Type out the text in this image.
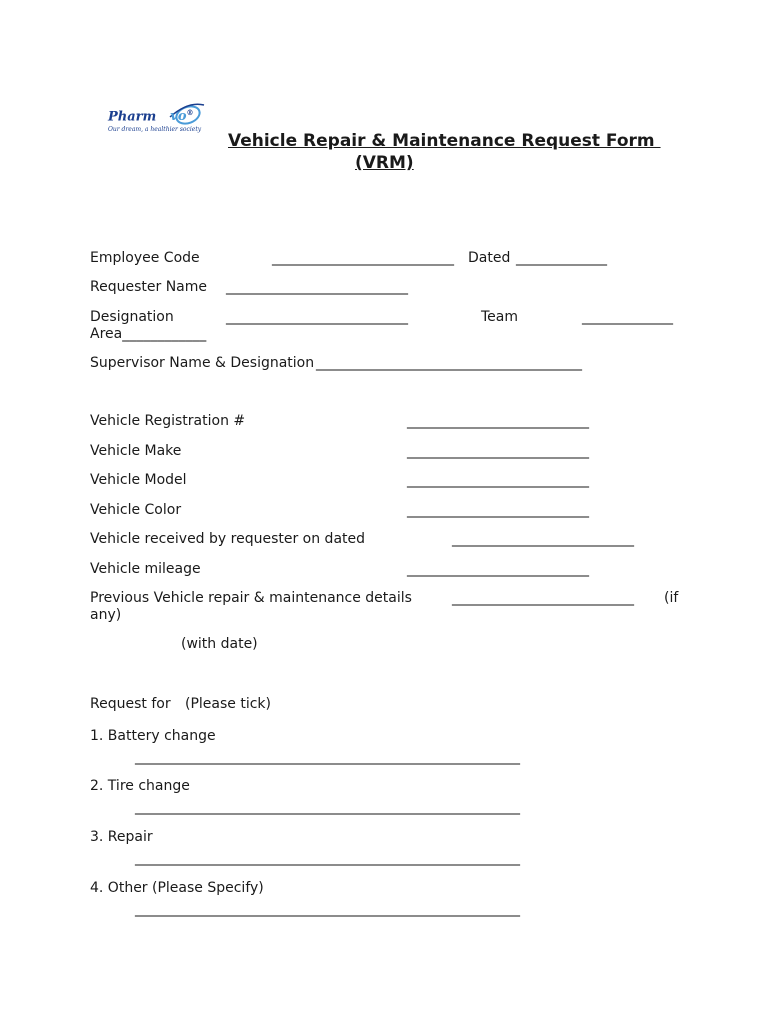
Pharm vo®
Our dream, a healthier society
Vehicle Repair & Maintenance Request Form
(VRM)
Employee Code	__________________________ Dated _____________
Requester Name __________________________
Designation	__________________________	Team	_____________
Area____________
Supervisor Name & Designation ______________________________________
Vehicle Registration #	__________________________
Vehicle Make	__________________________
Vehicle Model	__________________________
Vehicle Color	__________________________
Vehicle received by requester on dated	__________________________
Vehicle mileage	__________________________
Previous Vehicle repair & maintenance details	__________________________ (if
any)
(with date)
Request for (Please tick)
1. Battery change
_______________________________________________________
2. Tire change
_______________________________________________________
3. Repair
_______________________________________________________
4. Other (Please Specify)
_______________________________________________________
